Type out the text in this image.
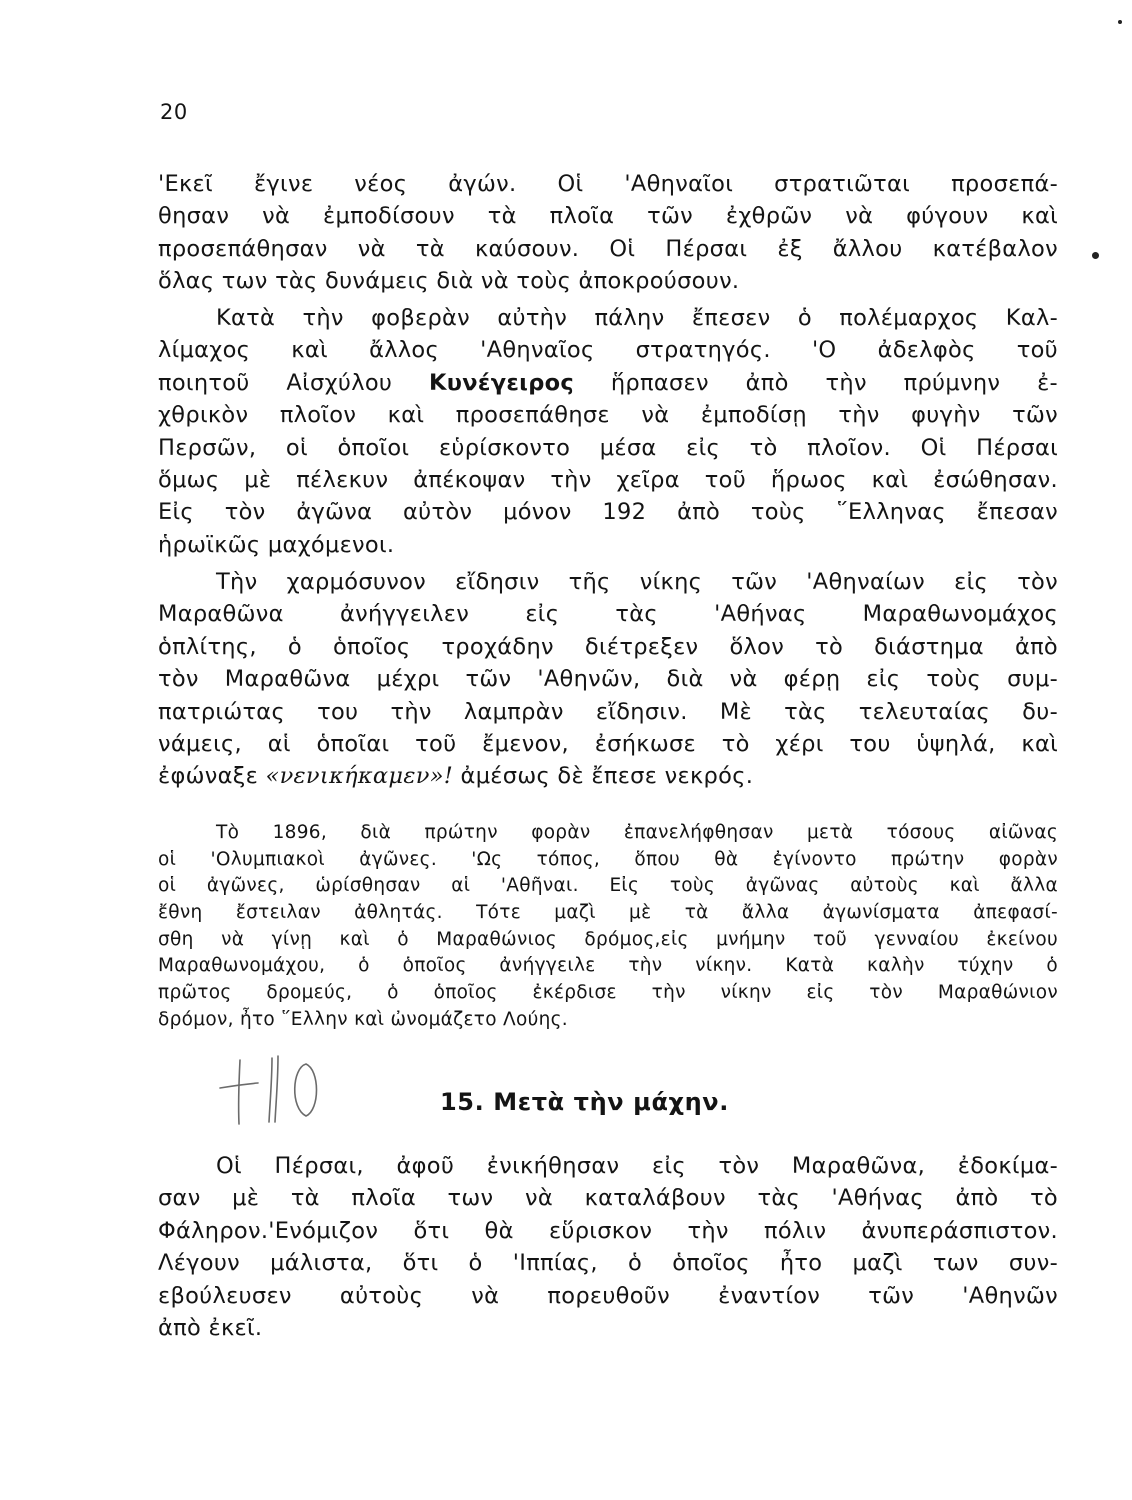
20
'Εκεῖ ἔγινε νέος ἀγών. Οἱ 'Αθηναῖοι στρατιῶται προσεπά-
θησαν νὰ ἐμποδίσουν τὰ πλοῖα τῶν ἐχθρῶν νὰ φύγουν καὶ
προσεπάθησαν νὰ τὰ καύσουν. Οἱ Πέρσαι ἐξ ἄλλου κατέβαλον
ὅλας των τὰς δυνάμεις διὰ νὰ τοὺς ἀποκρούσουν.
Κατὰ τὴν φοβερὰν αὐτὴν πάλην ἔπεσεν ὁ πολέμαρχος Καλ-
λίμαχος καὶ ἄλλος 'Αθηναῖος στρατηγός. 'Ο ἀδελφὸς τοῦ
ποιητοῦ Αἰσχύλου Κυνέγειρος ἥρπασεν ἀπὸ τὴν πρύμνην ἐ-
χθρικὸν πλοῖον καὶ προσεπάθησε νὰ ἐμποδίσῃ τὴν φυγὴν τῶν
Περσῶν, οἱ ὁποῖοι εὑρίσκοντο μέσα εἰς τὸ πλοῖον. Οἱ Πέρσαι
ὅμως μὲ πέλεκυν ἀπέκοψαν τὴν χεῖρα τοῦ ἥρωος καὶ ἐσώθησαν.
Εἰς τὸν ἀγῶνα αὐτὸν μόνον 192 ἀπὸ τοὺς ῞Ελληνας ἔπεσαν
ἡρωϊκῶς μαχόμενοι.
Τὴν χαρμόσυνον εἴδησιν τῆς νίκης τῶν 'Αθηναίων εἰς τὸν
Μαραθῶνα ἀνήγγειλεν εἰς τὰς 'Αθήνας Μαραθωνομάχος
ὁπλίτης, ὁ ὁποῖος τροχάδην διέτρεξεν ὅλον τὸ διάστημα ἀπὸ
τὸν Μαραθῶνα μέχρι τῶν 'Αθηνῶν, διὰ νὰ φέρῃ εἰς τοὺς συμ-
πατριώτας του τὴν λαμπρὰν εἴδησιν. Μὲ τὰς τελευταίας δυ-
νάμεις, αἱ ὁποῖαι τοῦ ἔμενον, ἐσήκωσε τὸ χέρι του ὑψηλά, καὶ
ἐφώναξε «νενικήκαμεν»! ἀμέσως δὲ ἔπεσε νεκρός.
Τὸ 1896, διὰ πρώτην φορὰν ἐπανελήφθησαν μετὰ τόσους αἰῶνας
οἱ 'Ολυμπιακοὶ ἀγῶνες. 'Ως τόπος, ὅπου θὰ ἐγίνοντο πρώτην φορὰν
οἱ ἀγῶνες, ὡρίσθησαν αἱ 'Αθῆναι. Εἰς τοὺς ἀγῶνας αὐτοὺς καὶ ἄλλα
ἔθνη ἔστειλαν ἀθλητάς. Τότε μαζὶ μὲ τὰ ἄλλα ἀγωνίσματα ἀπεφασί-
σθη νὰ γίνῃ καὶ ὁ Μαραθώνιος δρόμος,εἰς μνήμην τοῦ γενναίου ἐκείνου
Μαραθωνομάχου, ὁ ὁποῖος ἀνήγγειλε τὴν νίκην. Κατὰ καλὴν τύχην ὁ
πρῶτος δρομεύς, ὁ ὁποῖος ἐκέρδισε τὴν νίκην εἰς τὸν Μαραθώνιον
δρόμον, ἦτο ῞Ελλην καὶ ὠνομάζετο Λούης.
15. Μετὰ τὴν μάχην.
Οἱ Πέρσαι, ἀφοῦ ἐνικήθησαν εἰς τὸν Μαραθῶνα, ἐδοκίμα-
σαν μὲ τὰ πλοῖα των νὰ καταλάβουν τὰς 'Αθήνας ἀπὸ τὸ
Φάληρον.'Ενόμιζον ὅτι θὰ εὕρισκον τὴν πόλιν ἀνυπεράσπιστον.
Λέγουν μάλιστα, ὅτι ὁ 'Ιππίας, ὁ ὁποῖος ἦτο μαζὶ των συν-
εβούλευσεν αὐτοὺς νὰ πορευθοῦν ἐναντίον τῶν 'Αθηνῶν
ἀπὸ ἐκεῖ.
